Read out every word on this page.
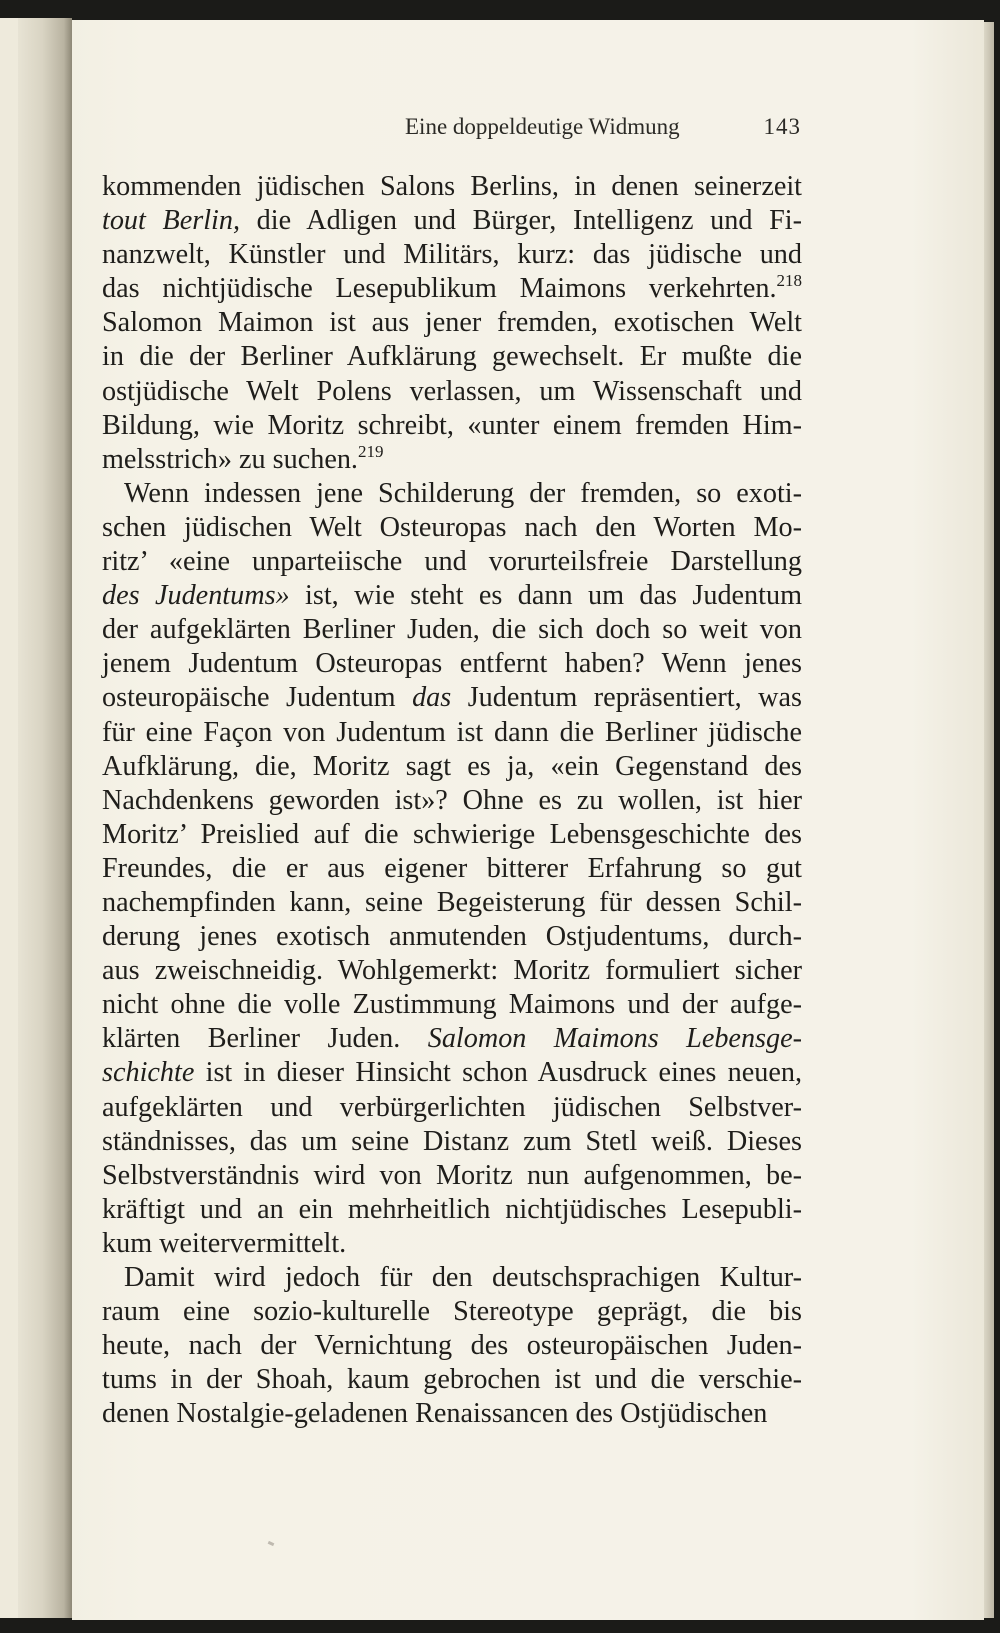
Eine doppeldeutige Widmung	143
kommenden jüdischen Salons Berlins, in denen seinerzeit
tout Berlin, die Adligen und Bürger, Intelligenz und Fi-
nanzwelt, Künstler und Militärs, kurz: das jüdische und
das nichtjüdische Lesepublikum Maimons verkehrten.$^{218}$
Salomon Maimon ist aus jener fremden, exotischen Welt
in die der Berliner Aufklärung gewechselt. Er mußte die
ostjüdische Welt Polens verlassen, um Wissenschaft und
Bildung, wie Moritz schreibt, «unter einem fremden Him-
melsstrich» zu suchen.$^{219}$
Wenn indessen jene Schilderung der fremden, so exoti-
schen jüdischen Welt Osteuropas nach den Worten Mo-
ritz’ «eine unparteiische und vorurteilsfreie Darstellung
des Judentums» ist, wie steht es dann um das Judentum
der aufgeklärten Berliner Juden, die sich doch so weit von
jenem Judentum Osteuropas entfernt haben? Wenn jenes
osteuropäische Judentum das Judentum repräsentiert, was
für eine Façon von Judentum ist dann die Berliner jüdische
Aufklärung, die, Moritz sagt es ja, «ein Gegenstand des
Nachdenkens geworden ist»? Ohne es zu wollen, ist hier
Moritz’ Preislied auf die schwierige Lebensgeschichte des
Freundes, die er aus eigener bitterer Erfahrung so gut
nachempfinden kann, seine Begeisterung für dessen Schil-
derung jenes exotisch anmutenden Ostjudentums, durch-
aus zweischneidig. Wohlgemerkt: Moritz formuliert sicher
nicht ohne die volle Zustimmung Maimons und der aufge-
klärten Berliner Juden. Salomon Maimons Lebensge-
schichte ist in dieser Hinsicht schon Ausdruck eines neuen,
aufgeklärten und verbürgerlichten jüdischen Selbstver-
ständnisses, das um seine Distanz zum Stetl weiß. Dieses
Selbstverständnis wird von Moritz nun aufgenommen, be-
kräftigt und an ein mehrheitlich nichtjüdisches Lesepubli-
kum weitervermittelt.
Damit wird jedoch für den deutschsprachigen Kultur-
raum eine sozio-kulturelle Stereotype geprägt, die bis
heute, nach der Vernichtung des osteuropäischen Juden-
tums in der Shoah, kaum gebrochen ist und die verschie-
denen Nostalgie-geladenen Renaissancen des Ostjüdischen
